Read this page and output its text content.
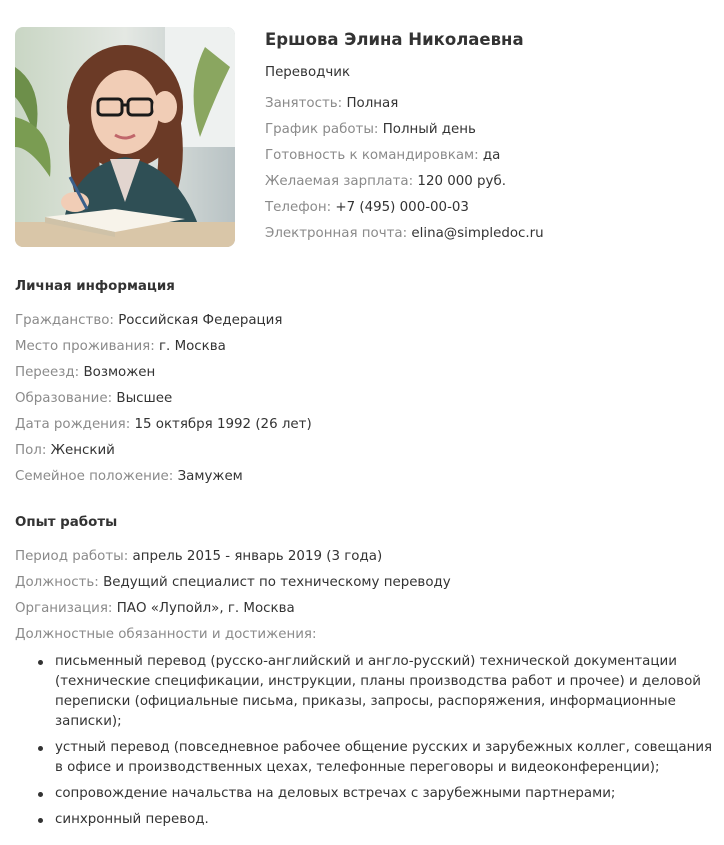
Ершова Элина Николаевна
Переводчик
Занятость: Полная
График работы: Полный день
Готовность к командировкам: да
Желаемая зарплата: 120 000 руб.
Телефон: +7 (495) 000-00-03
Электронная почта: elina@simpledoc.ru
Личная информация
Гражданство: Российская Федерация
Место проживания: г. Москва
Переезд: Возможен
Образование: Высшее
Дата рождения: 15 октября 1992 (26 лет)
Пол: Женский
Семейное положение: Замужем
Опыт работы
Период работы: апрель 2015 - январь 2019 (3 года)
Должность: Ведущий специалист по техническому переводу
Организация: ПАО «Лупойл», г. Москва
Должностные обязанности и достижения:
письменный перевод (русско-английский и англо-русский) технической документации (технические спецификации, инструкции, планы производства работ и прочее) и деловой переписки (официальные письма, приказы, запросы, распоряжения, информационные записки);
устный перевод (повседневное рабочее общение русских и зарубежных коллег, совещания в офисе и производственных цехах, телефонные переговоры и видеоконференции);
сопровождение начальства на деловых встречах с зарубежными партнерами;
синхронный перевод.
